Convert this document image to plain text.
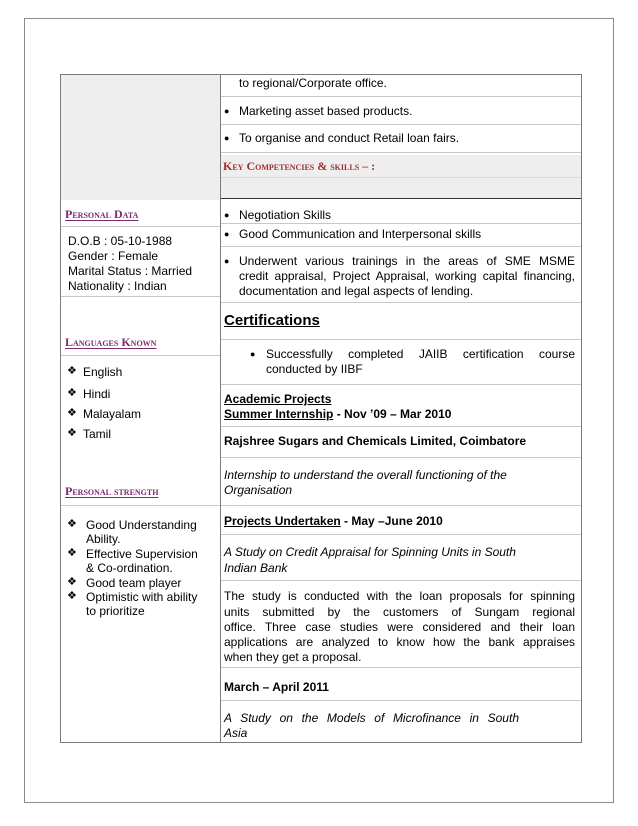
to regional/Corporate office.
● Marketing asset based products.
● To organise and conduct Retail loan fairs.
Key Competencies & skills – :
● Negotiation Skills
● Good Communication and Interpersonal skills
● Underwent various trainings in the areas of SME MSME
credit appraisal, Project Appraisal, working capital financing,
documentation and legal aspects of lending.
Certifications
● Successfully completed JAIIB certification course
conducted by IIBF
Academic Projects
Summer Internship - Nov ’09 – Mar 2010
Rajshree Sugars and Chemicals Limited, Coimbatore
Internship to understand the overall functioning of the
Organisation
Projects Undertaken - May –June 2010
A Study on Credit Appraisal for Spinning Units in South
Indian Bank
The study is conducted with the loan proposals for spinning
units submitted by the customers of Sungam regional
office. Three case studies were considered and their loan
applications are analyzed to know how the bank appraises
when they get a proposal.
March – April 2011
A Study on the Models of Microfinance in South
Asia
Personal Data
D.O.B : 05-10-1988
Gender : Female
Marital Status : Married
Nationality : Indian
Languages Known
❖ English
❖ Hindi
❖ Malayalam
❖ Tamil
Personal strength
❖ Good Understanding
Ability.
❖ Effective Supervision
& Co-ordination.
❖ Good team player
❖ Optimistic with ability
to prioritize
